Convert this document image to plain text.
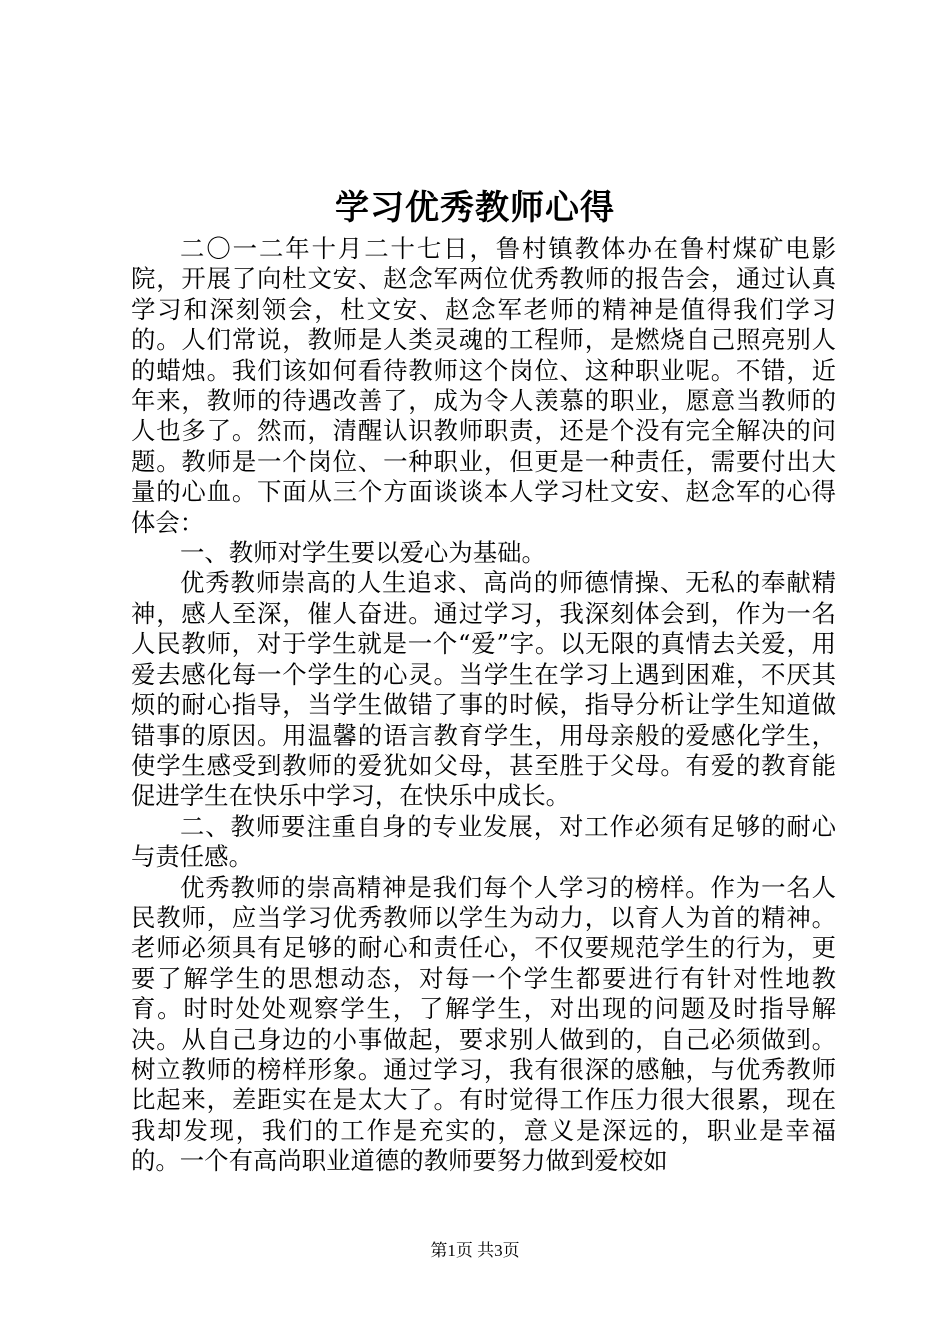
学习优秀教师心得

二〇一二年十月二十七日，鲁村镇教体办在鲁村煤矿电影院，开展了向杜文安、赵念军两位优秀教师的报告会，通过认真学习和深刻领会，杜文安、赵念军老师的精神是值得我们学习的。人们常说，教师是人类灵魂的工程师，是燃烧自己照亮别人的蜡烛。我们该如何看待教师这个岗位、这种职业呢。不错，近年来，教师的待遇改善了，成为令人羡慕的职业，愿意当教师的人也多了。然而，清醒认识教师职责，还是个没有完全解决的问题。教师是一个岗位、一种职业，但更是一种责任，需要付出大量的心血。下面从三个方面谈谈本人学习杜文安、赵念军的心得体会：

一、教师对学生要以爱心为基础。

优秀教师崇高的人生追求、高尚的师德情操、无私的奉献精神，感人至深，催人奋进。通过学习，我深刻体会到，作为一名人民教师，对于学生就是一个“爱”字。以无限的真情去关爱，用爱去感化每一个学生的心灵。当学生在学习上遇到困难，不厌其烦的耐心指导，当学生做错了事的时候，指导分析让学生知道做错事的原因。用温馨的语言教育学生，用母亲般的爱感化学生，使学生感受到教师的爱犹如父母，甚至胜于父母。有爱的教育能促进学生在快乐中学习，在快乐中成长。

二、教师要注重自身的专业发展，对工作必须有足够的耐心与责任感。

优秀教师的崇高精神是我们每个人学习的榜样。作为一名人民教师，应当学习优秀教师以学生为动力，以育人为首的精神。老师必须具有足够的耐心和责任心，不仅要规范学生的行为，更要了解学生的思想动态，对每一个学生都要进行有针对性地教育。时时处处观察学生，了解学生，对出现的问题及时指导解决。从自己身边的小事做起，要求别人做到的，自己必须做到。树立教师的榜样形象。通过学习，我有很深的感触，与优秀教师比起来，差距实在是太大了。有时觉得工作压力很大很累，现在我却发现，我们的工作是充实的，意义是深远的，职业是幸福的。一个有高尚职业道德的教师要努力做到爱校如

第1页 共3页
